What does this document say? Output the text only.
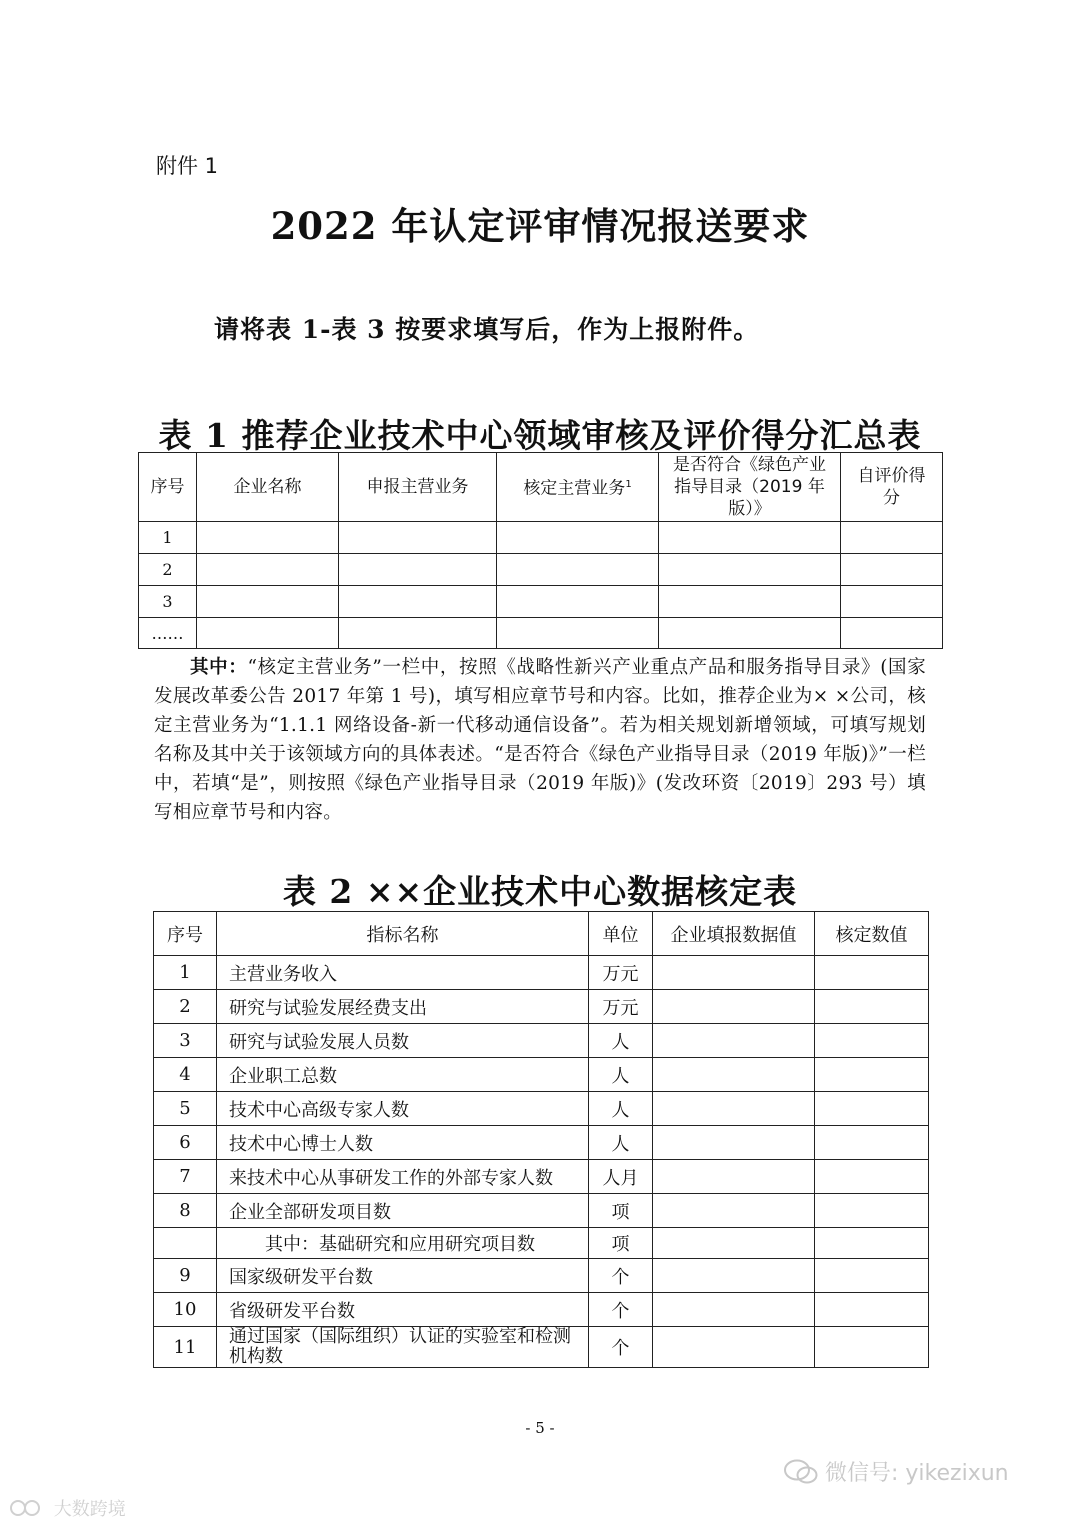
附件 1
2022 年认定评审情况报送要求
请将表 1-表 3 按要求填写后，作为上报附件。
表 1 推荐企业技术中心领域审核及评价得分汇总表
序号	企业名称	申报主营业务	核定主营业务$^1$	是否符合《绿色产业指导目录（2019 年版）》	自评价得分
1					
2					
3					
……					
其中：“核定主营业务”一栏中，按照《战略性新兴产业重点产品和服务指导目录》(国家发展改革委公告 2017 年第 1 号)，填写相应章节号和内容。比如，推荐企业为× ×公司，核定主营业务为“1.1.1 网络设备-新一代移动通信设备”。若为相关规划新增领域，可填写规划名称及其中关于该领域方向的具体表述。“是否符合《绿色产业指导目录（2019 年版)》”一栏中，若填“是”，则按照《绿色产业指导目录（2019 年版)》(发改环资〔2019〕293 号）填写相应章节号和内容。
表 2 ××企业技术中心数据核定表
序号	指标名称	单位	企业填报数据值	核定数值
1	主营业务收入	万元		
2	研究与试验发展经费支出	万元		
3	研究与试验发展人员数	人		
4	企业职工总数	人		
5	技术中心高级专家人数	人		
6	技术中心博士人数	人		
7	来技术中心从事研发工作的外部专家人数	人月		
8	企业全部研发项目数	项		
	其中：基础研究和应用研究项目数	项		
9	国家级研发平台数	个		
10	省级研发平台数	个		
11	通过国家（国际组织）认证的实验室和检测机构数	个		
- 5 -
微信号: yikezixun
大数跨境
